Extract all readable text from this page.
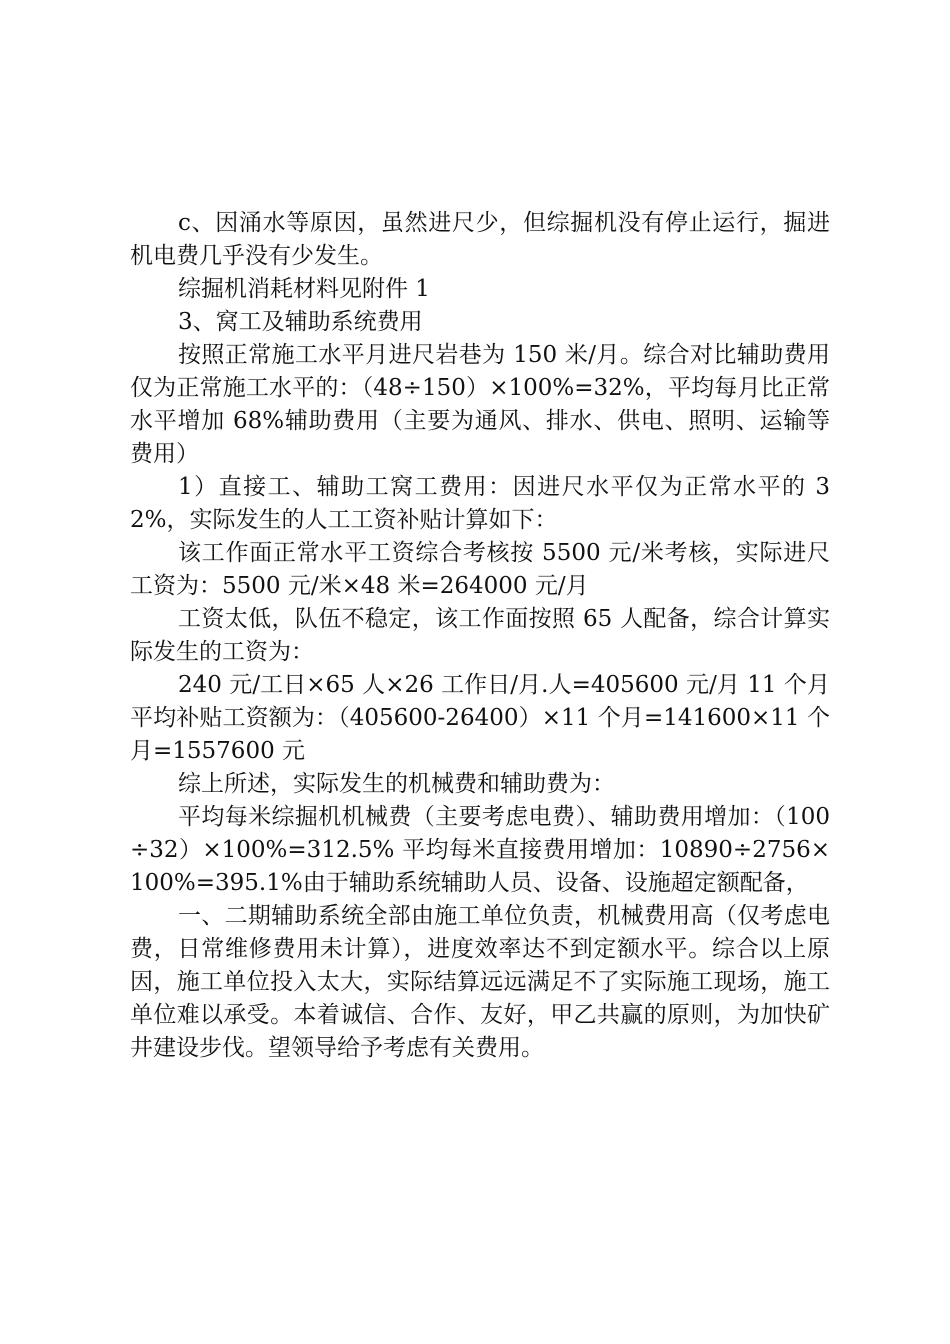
c、因涌水等原因，虽然进尺少，但综掘机没有停止运行，掘进机电费几乎没有少发生。

综掘机消耗材料见附件 1

3、窝工及辅助系统费用

按照正常施工水平月进尺岩巷为 150 米/月。综合对比辅助费用仅为正常施工水平的：（48÷150）×100%=32%，平均每月比正常水平增加 68%辅助费用（主要为通风、排水、供电、照明、运输等费用）

1）直接工、辅助工窝工费用：因进尺水平仅为正常水平的 32%，实际发生的人工工资补贴计算如下：

该工作面正常水平工资综合考核按 5500 元/米考核，实际进尺工资为：5500 元/米×48 米=264000 元/月

工资太低，队伍不稳定，该工作面按照 65 人配备，综合计算实际发生的工资为：

240 元/工日×65 人×26 工作日/月.人=405600 元/月 11 个月平均补贴工资额为：（405600-26400）×11 个月=141600×11 个月=1557600 元

综上所述，实际发生的机械费和辅助费为：

平均每米综掘机机械费（主要考虑电费）、辅助费用增加：（100÷32）×100%=312.5% 平均每米直接费用增加：10890÷2756×100%=395.1%由于辅助系统辅助人员、设备、设施超定额配备，

一、二期辅助系统全部由施工单位负责，机械费用高（仅考虑电费，日常维修费用未计算），进度效率达不到定额水平。综合以上原因，施工单位投入太大，实际结算远远满足不了实际施工现场，施工单位难以承受。本着诚信、合作、友好，甲乙共赢的原则，为加快矿井建设步伐。望领导给予考虑有关费用。
